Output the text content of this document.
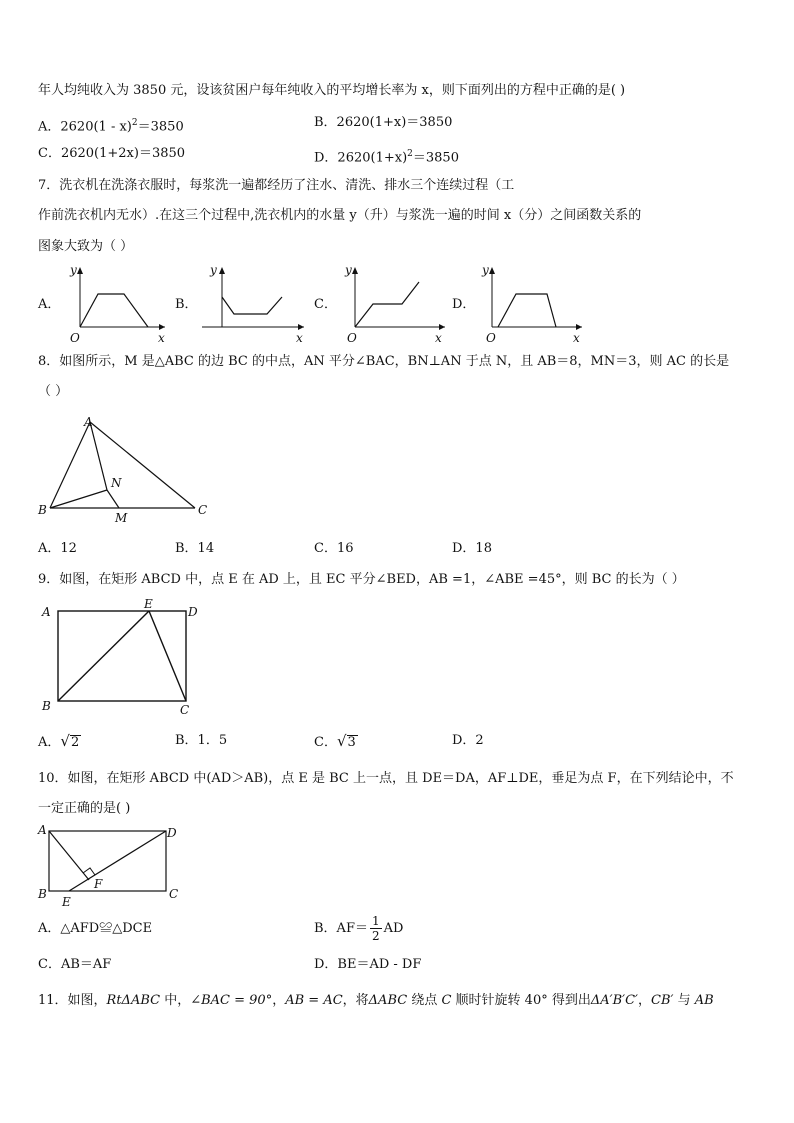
年人均纯收入为 3850 元，设该贫困户每年纯收入的平均增长率为 x，则下面列出的方程中正确的是( )
A．2620(1 - x)$^2$＝3850	B．2620(1+x)＝3850
C．2620(1+2x)＝3850	D．$2620(1+x)^2=3850$
7．洗衣机在洗涤衣服时，每浆洗一遍都经历了注水、清洗、排水三个连续过程（工
作前洗衣机内无水）.在这三个过程中,洗衣机内的水量 y（升）与浆洗一遍的时间 x（分）之间函数关系的
图象大致为（ ）
A．	B．	C．	D．
y
x
O
y
x
y
x
O
y
x
O
8．如图所示，M 是△ABC 的边 BC 的中点，AN 平分∠BAC，BN⊥AN 于点 N，且 AB＝8，MN＝3，则 AC 的长是
（ ）
A
B	C
N
M
A．12	B．14	C．16	D．18
9．如图，在矩形 ABCD 中，点 E 在 AD 上，且 EC 平分∠BED，AB =1，∠ABE =45°，则 BC 的长为（ ）
A
B	C
D
E
A．√2	B．1．5	C．√3	D．2
10．如图，在矩形 ABCD 中(AD＞AB)，点 E 是 BC 上一点，且 DE＝DA，AF⊥DE，垂足为点 F，在下列结论中，不
一定正确的是( )
A
B	C
D
E
F
A．△AFD≌△DCE	B．$AF= \frac{1}{2}$ AD
C．AB＝AF	D．BE＝AD - DF
11．如图，RtΔABC 中，∠BAC = 90°，AB = AC，将ΔABC 绕点 C 顺时针旋转 40° 得到出ΔA′B′C′，CB′ 与 AB
